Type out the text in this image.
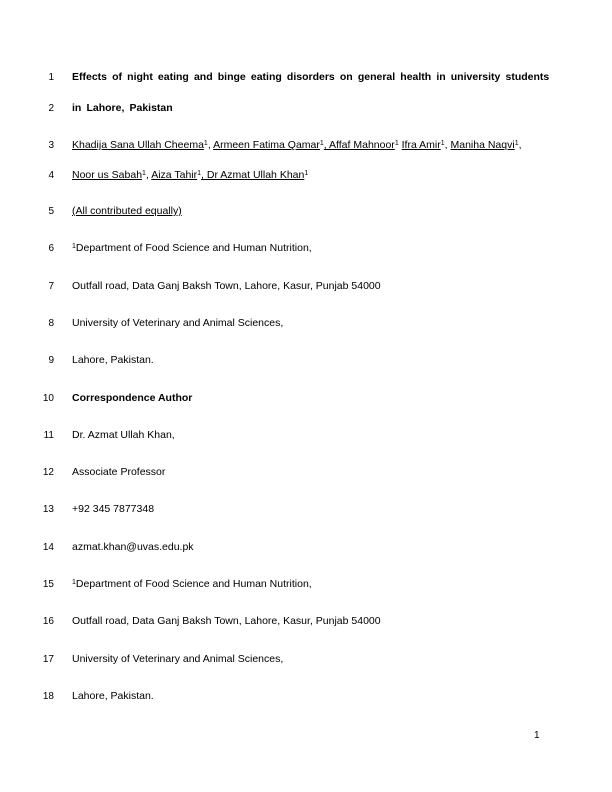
1 Effects of night eating and binge eating disorders on general health in university students
2 in Lahore, Pakistan
3 Khadija Sana Ullah Cheema$^1$, Armeen Fatima Qamar$^1$, Affaf Mahnoor$^1$ Ifra Amir$^1$, Maniha Naqvi$^1$,
4 Noor us Sabah$^1$, Aiza Tahir$^1$, Dr Azmat Ullah Khan$^1$
5 (All contributed equally)
6	$^1$Department of Food Science and Human Nutrition,
7 Outfall road, Data Ganj Baksh Town, Lahore, Kasur, Punjab 54000
8 University of Veterinary and Animal Sciences,
9 Lahore, Pakistan.
10 Correspondence Author
11 Dr. Azmat Ullah Khan,
12 Associate Professor
13 +92 345 7877348
14 azmat.khan@uvas.edu.pk
15	$^1$Department of Food Science and Human Nutrition,
16 Outfall road, Data Ganj Baksh Town, Lahore, Kasur, Punjab 54000
17 University of Veterinary and Animal Sciences,
18 Lahore, Pakistan.
1
